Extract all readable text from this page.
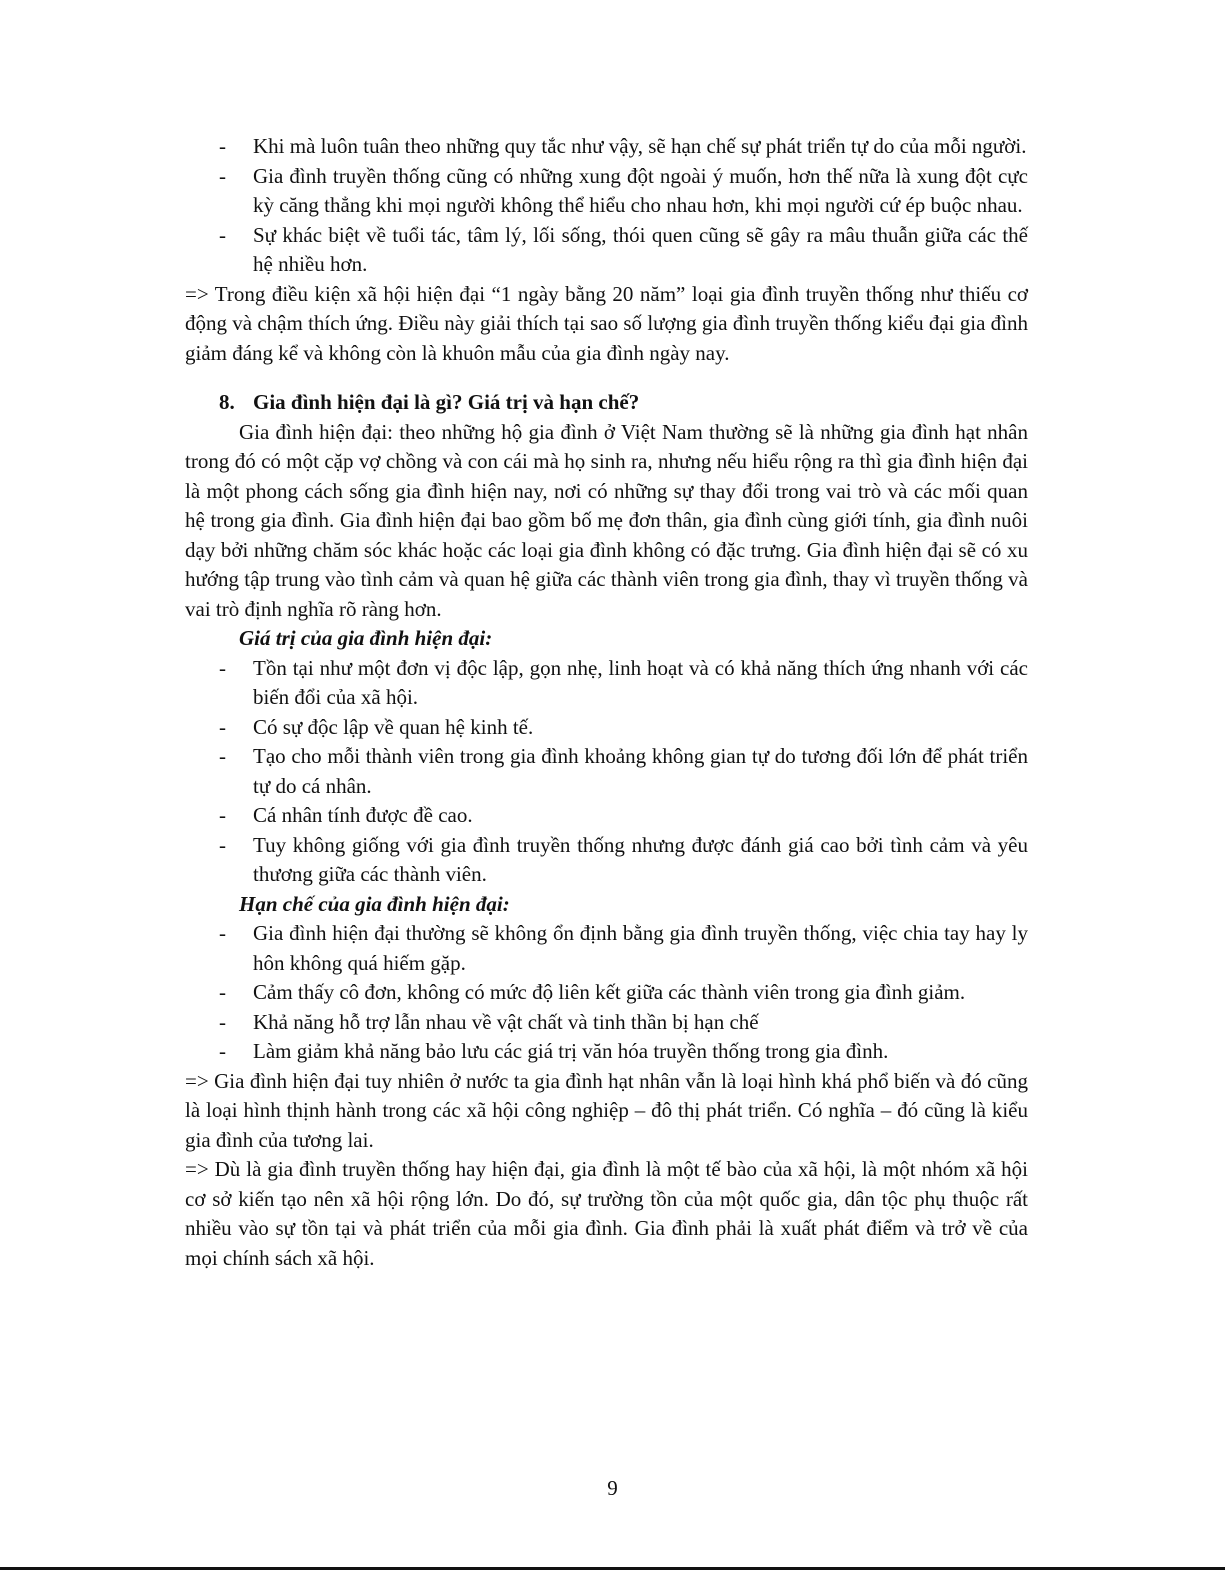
- Khi mà luôn tuân theo những quy tắc như vậy, sẽ hạn chế sự phát triển tự do của mỗi người.
- Gia đình truyền thống cũng có những xung đột ngoài ý muốn, hơn thế nữa là xung đột cực kỳ căng thẳng khi mọi người không thể hiểu cho nhau hơn, khi mọi người cứ ép buộc nhau.
- Sự khác biệt về tuổi tác, tâm lý, lối sống, thói quen cũng sẽ gây ra mâu thuẫn giữa các thế hệ nhiều hơn.
=> Trong điều kiện xã hội hiện đại “1 ngày bằng 20 năm” loại gia đình truyền thống như thiếu cơ động và chậm thích ứng. Điều này giải thích tại sao số lượng gia đình truyền thống kiểu đại gia đình giảm đáng kể và không còn là khuôn mẫu của gia đình ngày nay.
8. Gia đình hiện đại là gì? Giá trị và hạn chế?
Gia đình hiện đại: theo những hộ gia đình ở Việt Nam thường sẽ là những gia đình hạt nhân trong đó có một cặp vợ chồng và con cái mà họ sinh ra, nhưng nếu hiểu rộng ra thì gia đình hiện đại là một phong cách sống gia đình hiện nay, nơi có những sự thay đổi trong vai trò và các mối quan hệ trong gia đình. Gia đình hiện đại bao gồm bố mẹ đơn thân, gia đình cùng giới tính, gia đình nuôi dạy bởi những chăm sóc khác hoặc các loại gia đình không có đặc trưng. Gia đình hiện đại sẽ có xu hướng tập trung vào tình cảm và quan hệ giữa các thành viên trong gia đình, thay vì truyền thống và vai trò định nghĩa rõ ràng hơn.
Giá trị của gia đình hiện đại:
- Tồn tại như một đơn vị độc lập, gọn nhẹ, linh hoạt và có khả năng thích ứng nhanh với các biến đổi của xã hội.
- Có sự độc lập về quan hệ kinh tế.
- Tạo cho mỗi thành viên trong gia đình khoảng không gian tự do tương đối lớn để phát triển tự do cá nhân.
- Cá nhân tính được đề cao.
- Tuy không giống với gia đình truyền thống nhưng được đánh giá cao bởi tình cảm và yêu thương giữa các thành viên.
Hạn chế của gia đình hiện đại:
- Gia đình hiện đại thường sẽ không ổn định bằng gia đình truyền thống, việc chia tay hay ly hôn không quá hiếm gặp.
- Cảm thấy cô đơn, không có mức độ liên kết giữa các thành viên trong gia đình giảm.
- Khả năng hỗ trợ lẫn nhau về vật chất và tinh thần bị hạn chế
- Làm giảm khả năng bảo lưu các giá trị văn hóa truyền thống trong gia đình.
=> Gia đình hiện đại tuy nhiên ở nước ta gia đình hạt nhân vẫn là loại hình khá phổ biến và đó cũng là loại hình thịnh hành trong các xã hội công nghiệp – đô thị phát triển. Có nghĩa – đó cũng là kiểu gia đình của tương lai.
=> Dù là gia đình truyền thống hay hiện đại, gia đình là một tế bào của xã hội, là một nhóm xã hội cơ sở kiến tạo nên xã hội rộng lớn. Do đó, sự trường tồn của một quốc gia, dân tộc phụ thuộc rất nhiều vào sự tồn tại và phát triển của mỗi gia đình. Gia đình phải là xuất phát điểm và trở về của mọi chính sách xã hội.
9
